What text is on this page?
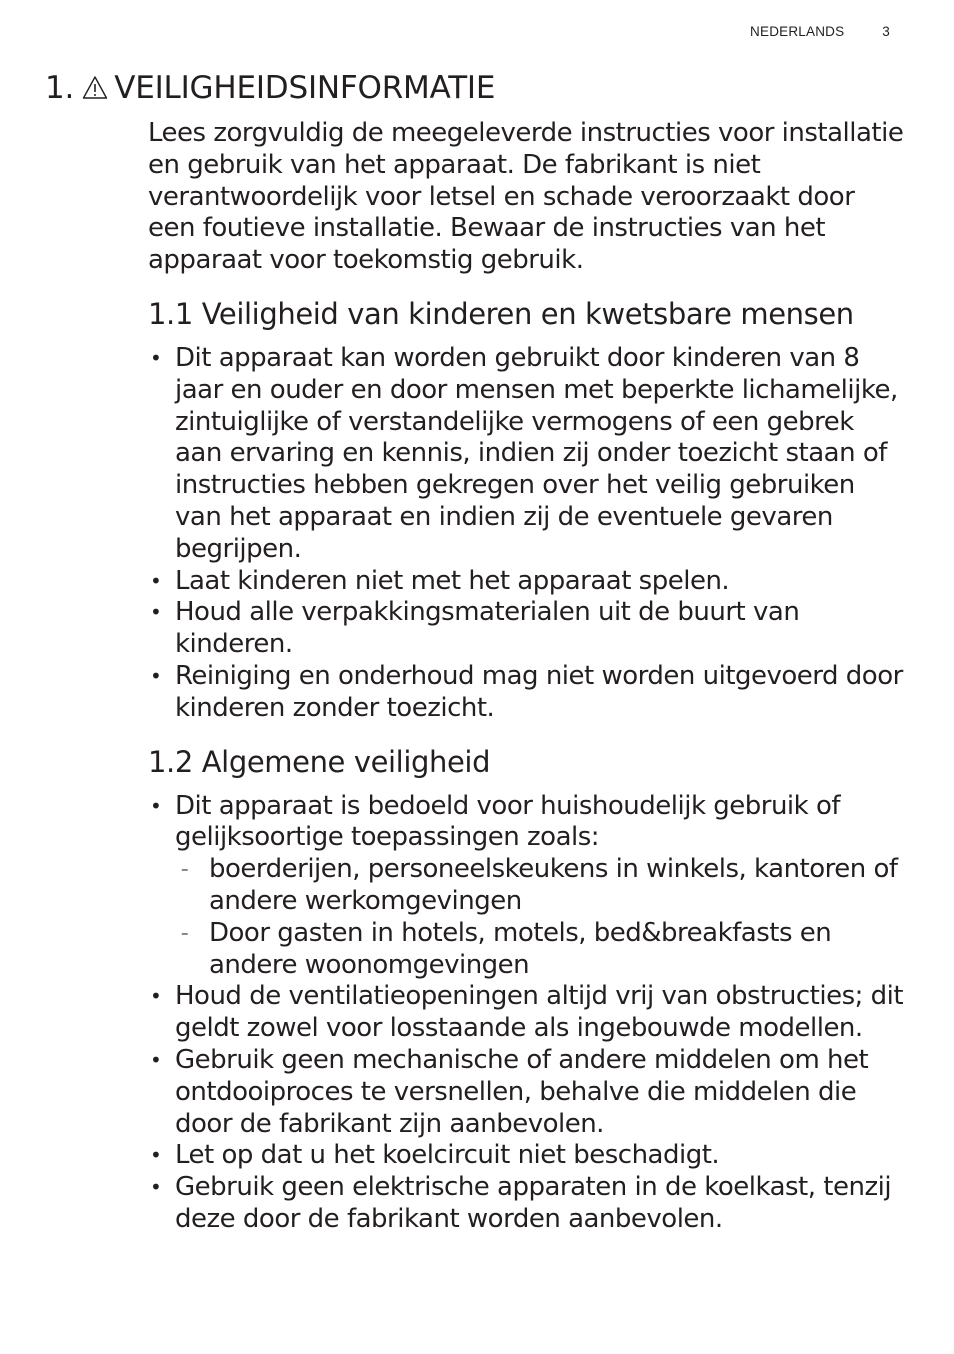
NEDERLANDS	3
1. VEILIGHEIDSINFORMATIE

Lees zorgvuldig de meegeleverde instructies voor installatie en gebruik van het apparaat. De fabrikant is niet verantwoordelijk voor letsel en schade veroorzaakt door een foutieve installatie. Bewaar de instructies van het apparaat voor toekomstig gebruik.

1.1 Veiligheid van kinderen en kwetsbare mensen
• Dit apparaat kan worden gebruikt door kinderen van 8 jaar en ouder en door mensen met beperkte lichamelijke, zintuiglijke of verstandelijke vermogens of een gebrek aan ervaring en kennis, indien zij onder toezicht staan of instructies hebben gekregen over het veilig gebruiken van het apparaat en indien zij de eventuele gevaren begrijpen.
• Laat kinderen niet met het apparaat spelen.
• Houd alle verpakkingsmaterialen uit de buurt van kinderen.
• Reiniging en onderhoud mag niet worden uitgevoerd door kinderen zonder toezicht.
1.2 Algemene veiligheid
• Dit apparaat is bedoeld voor huishoudelijk gebruik of gelijksoortige toepassingen zoals:
– boerderijen, personeelskeukens in winkels, kantoren of andere werkomgevingen
– Door gasten in hotels, motels, bed&breakfasts en andere woonomgevingen
• Houd de ventilatieopeningen altijd vrij van obstructies; dit geldt zowel voor losstaande als ingebouwde modellen.
• Gebruik geen mechanische of andere middelen om het ontdooiproces te versnellen, behalve die middelen die door de fabrikant zijn aanbevolen.
• Let op dat u het koelcircuit niet beschadigt.
• Gebruik geen elektrische apparaten in de koelkast, tenzij deze door de fabrikant worden aanbevolen.
